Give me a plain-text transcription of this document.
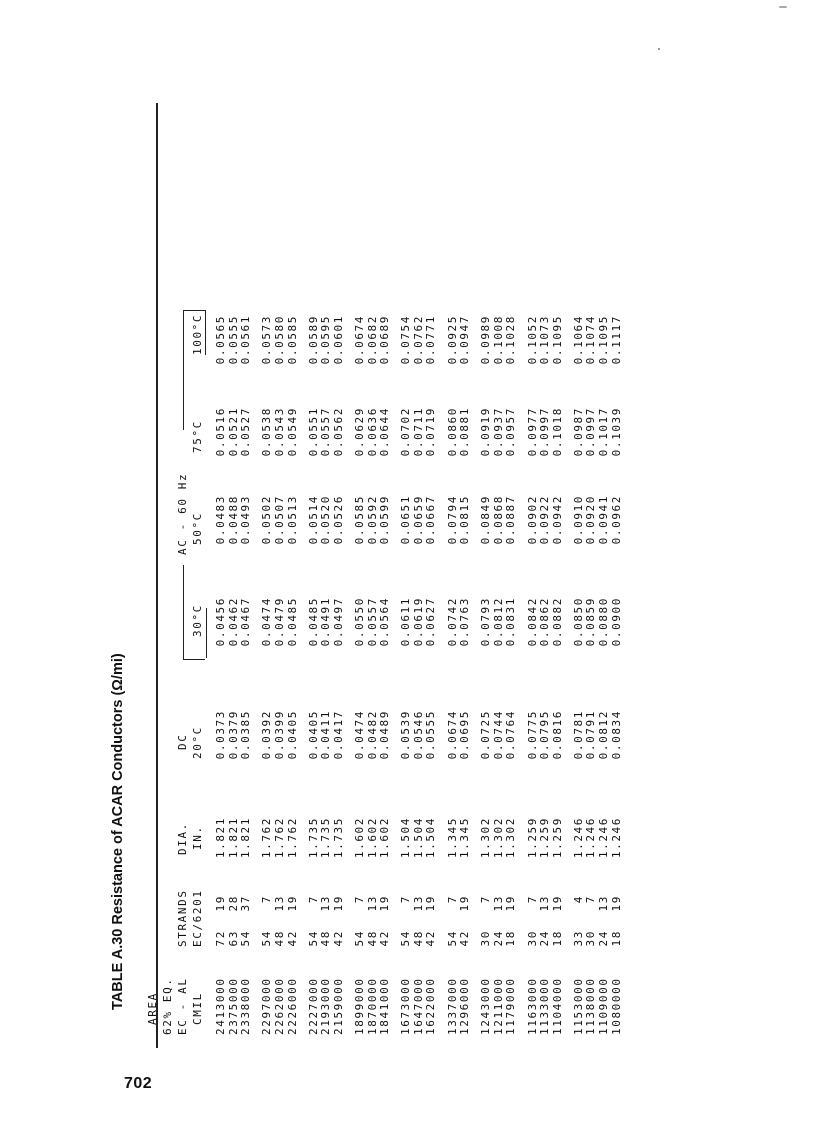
702
TABLE A.30 Resistance of ACAR Conductors (Ω/mi) AREA 62% EQ. EC - AL CMIL
STRANDS EC/6201
DIA. IN.
DC 20°C
AC - 60 Hz
30°C
50°C
75°C
100°C
2413000
72
19
1.821
0.0373
0.0456
0.0483
0.0516
0.0565
2375000
63
28
1.821
0.0379
0.0462
0.0488
0.0521
0.0555
2338000
54
37
1.821
0.0385
0.0467
0.0493
0.0527
0.0561
2297000
54
7
1.762
0.0392
0.0474
0.0502
0.0538
0.0573
2262000
48
13
1.762
0.0399
0.0479
0.0507
0.0543
0.0580
2226000
42
19
1.762
0.0405
0.0485
0.0513
0.0549
0.0585
2227000
54
7
1.735
0.0405
0.0485
0.0514
0.0551
0.0589
2193000
48
13
1.735
0.0411
0.0491
0.0520
0.0557
0.0595
2159000
42
19
1.735
0.0417
0.0497
0.0526
0.0562
0.0601
1899000
54
7
1.602
0.0474
0.0550
0.0585
0.0629
0.0674
1870000
48
13
1.602
0.0482
0.0557
0.0592
0.0636
0.0682
1841000
42
19
1.602
0.0489
0.0564
0.0599
0.0644
0.0689
1673000
54
7
1.504
0.0539
0.0611
0.0651
0.0702
0.0754
1647000
48
13
1.504
0.0546
0.0619
0.0659
0.0711
0.0762
1622000
42
19
1.504
0.0555
0.0627
0.0667
0.0719
0.0771
1337000
54
7
1.345
0.0674
0.0742
0.0794
0.0860
0.0925
1296000
42
19
1.345
0.0695
0.0763
0.0815
0.0881
0.0947
1243000
30
7
1.302
0.0725
0.0793
0.0849
0.0919
0.0989
1211000
24
13
1.302
0.0744
0.0812
0.0868
0.0937
0.1008
1179000
18
19
1.302
0.0764
0.0831
0.0887
0.0957
0.1028
1163000
30
7
1.259
0.0775
0.0842
0.0902
0.0977
0.1052
1133000
24
13
1.259
0.0795
0.0862
0.0922
0.0997
0.1073
1104000
18
19
1.259
0.0816
0.0882
0.0942
0.1018
0.1095
1153000
33
4
1.246
0.0781
0.0850
0.0910
0.0987
0.1064
1138000
30
7
1.246
0.0791
0.0859
0.0920
0.0997
0.1074
1109000
24
13
1.246
0.0812
0.0880
0.0941
0.1017
0.1095
1080000
18
19
1.246
0.0834
0.0900
0.0962
0.1039
0.1117
